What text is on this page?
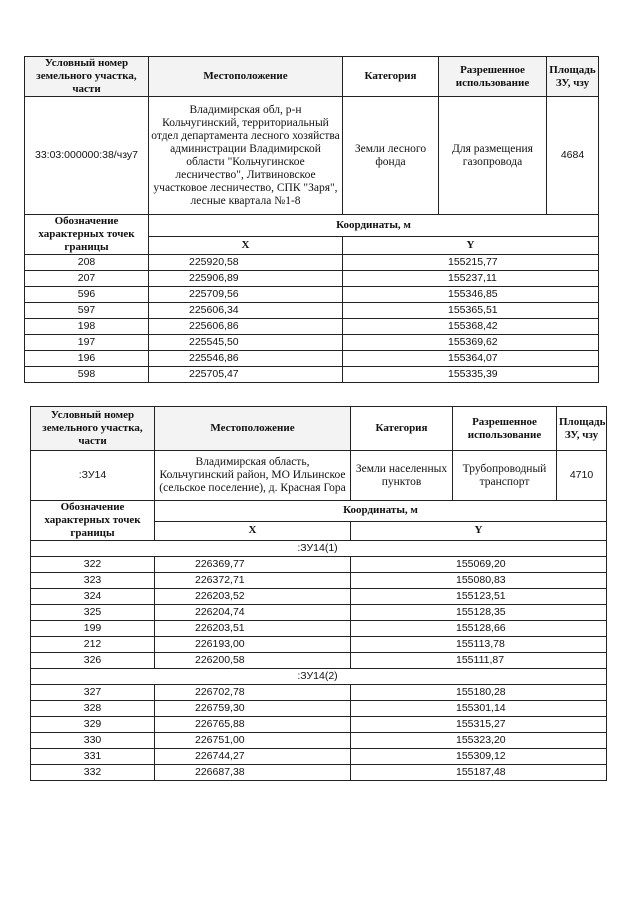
Условный номер земельного участка, части	Местоположение	Категория	Разрешенное использование	Площадь ЗУ, чзу
33:03:000000:38/чзу7	Владимирская обл, р-н Кольчугинский, территориальный отдел департамента лесного хозяйства администрации Владимирской области "Кольчугинское лесничество", Литвиновское участковое лесничество, СПК "Заря", лесные квартала №1-8	Земли лесного фонда	Для размещения газопровода	4684
Обозначение характерных точек границы	Координаты, м			
	X	Y		
208	225920,58	155215,77		
207	225906,89	155237,11		
596	225709,56	155346,85		
597	225606,34	155365,51		
198	225606,86	155368,42		
197	225545,50	155369,62		
196	225546,86	155364,07		
598	225705,47	155335,39		
Условный номер земельного участка, части	Местоположение	Категория	Разрешенное использование	Площадь ЗУ, чзу
:ЗУ14	Владимирская область, Кольчугинский район, МО Ильинское (сельское поселение), д. Красная Гора	Земли населенных пунктов	Трубопроводный транспорт	4710
Обозначение характерных точек границы	Координаты, м			
	X	Y		
:ЗУ14(1)				
322	226369,77	155069,20		
323	226372,71	155080,83		
324	226203,52	155123,51		
325	226204,74	155128,35		
199	226203,51	155128,66		
212	226193,00	155113,78		
326	226200,58	155111,87		
:ЗУ14(2)				
327	226702,78	155180,28		
328	226759,30	155301,14		
329	226765,88	155315,27		
330	226751,00	155323,20		
331	226744,27	155309,12		
332	226687,38	155187,48		
